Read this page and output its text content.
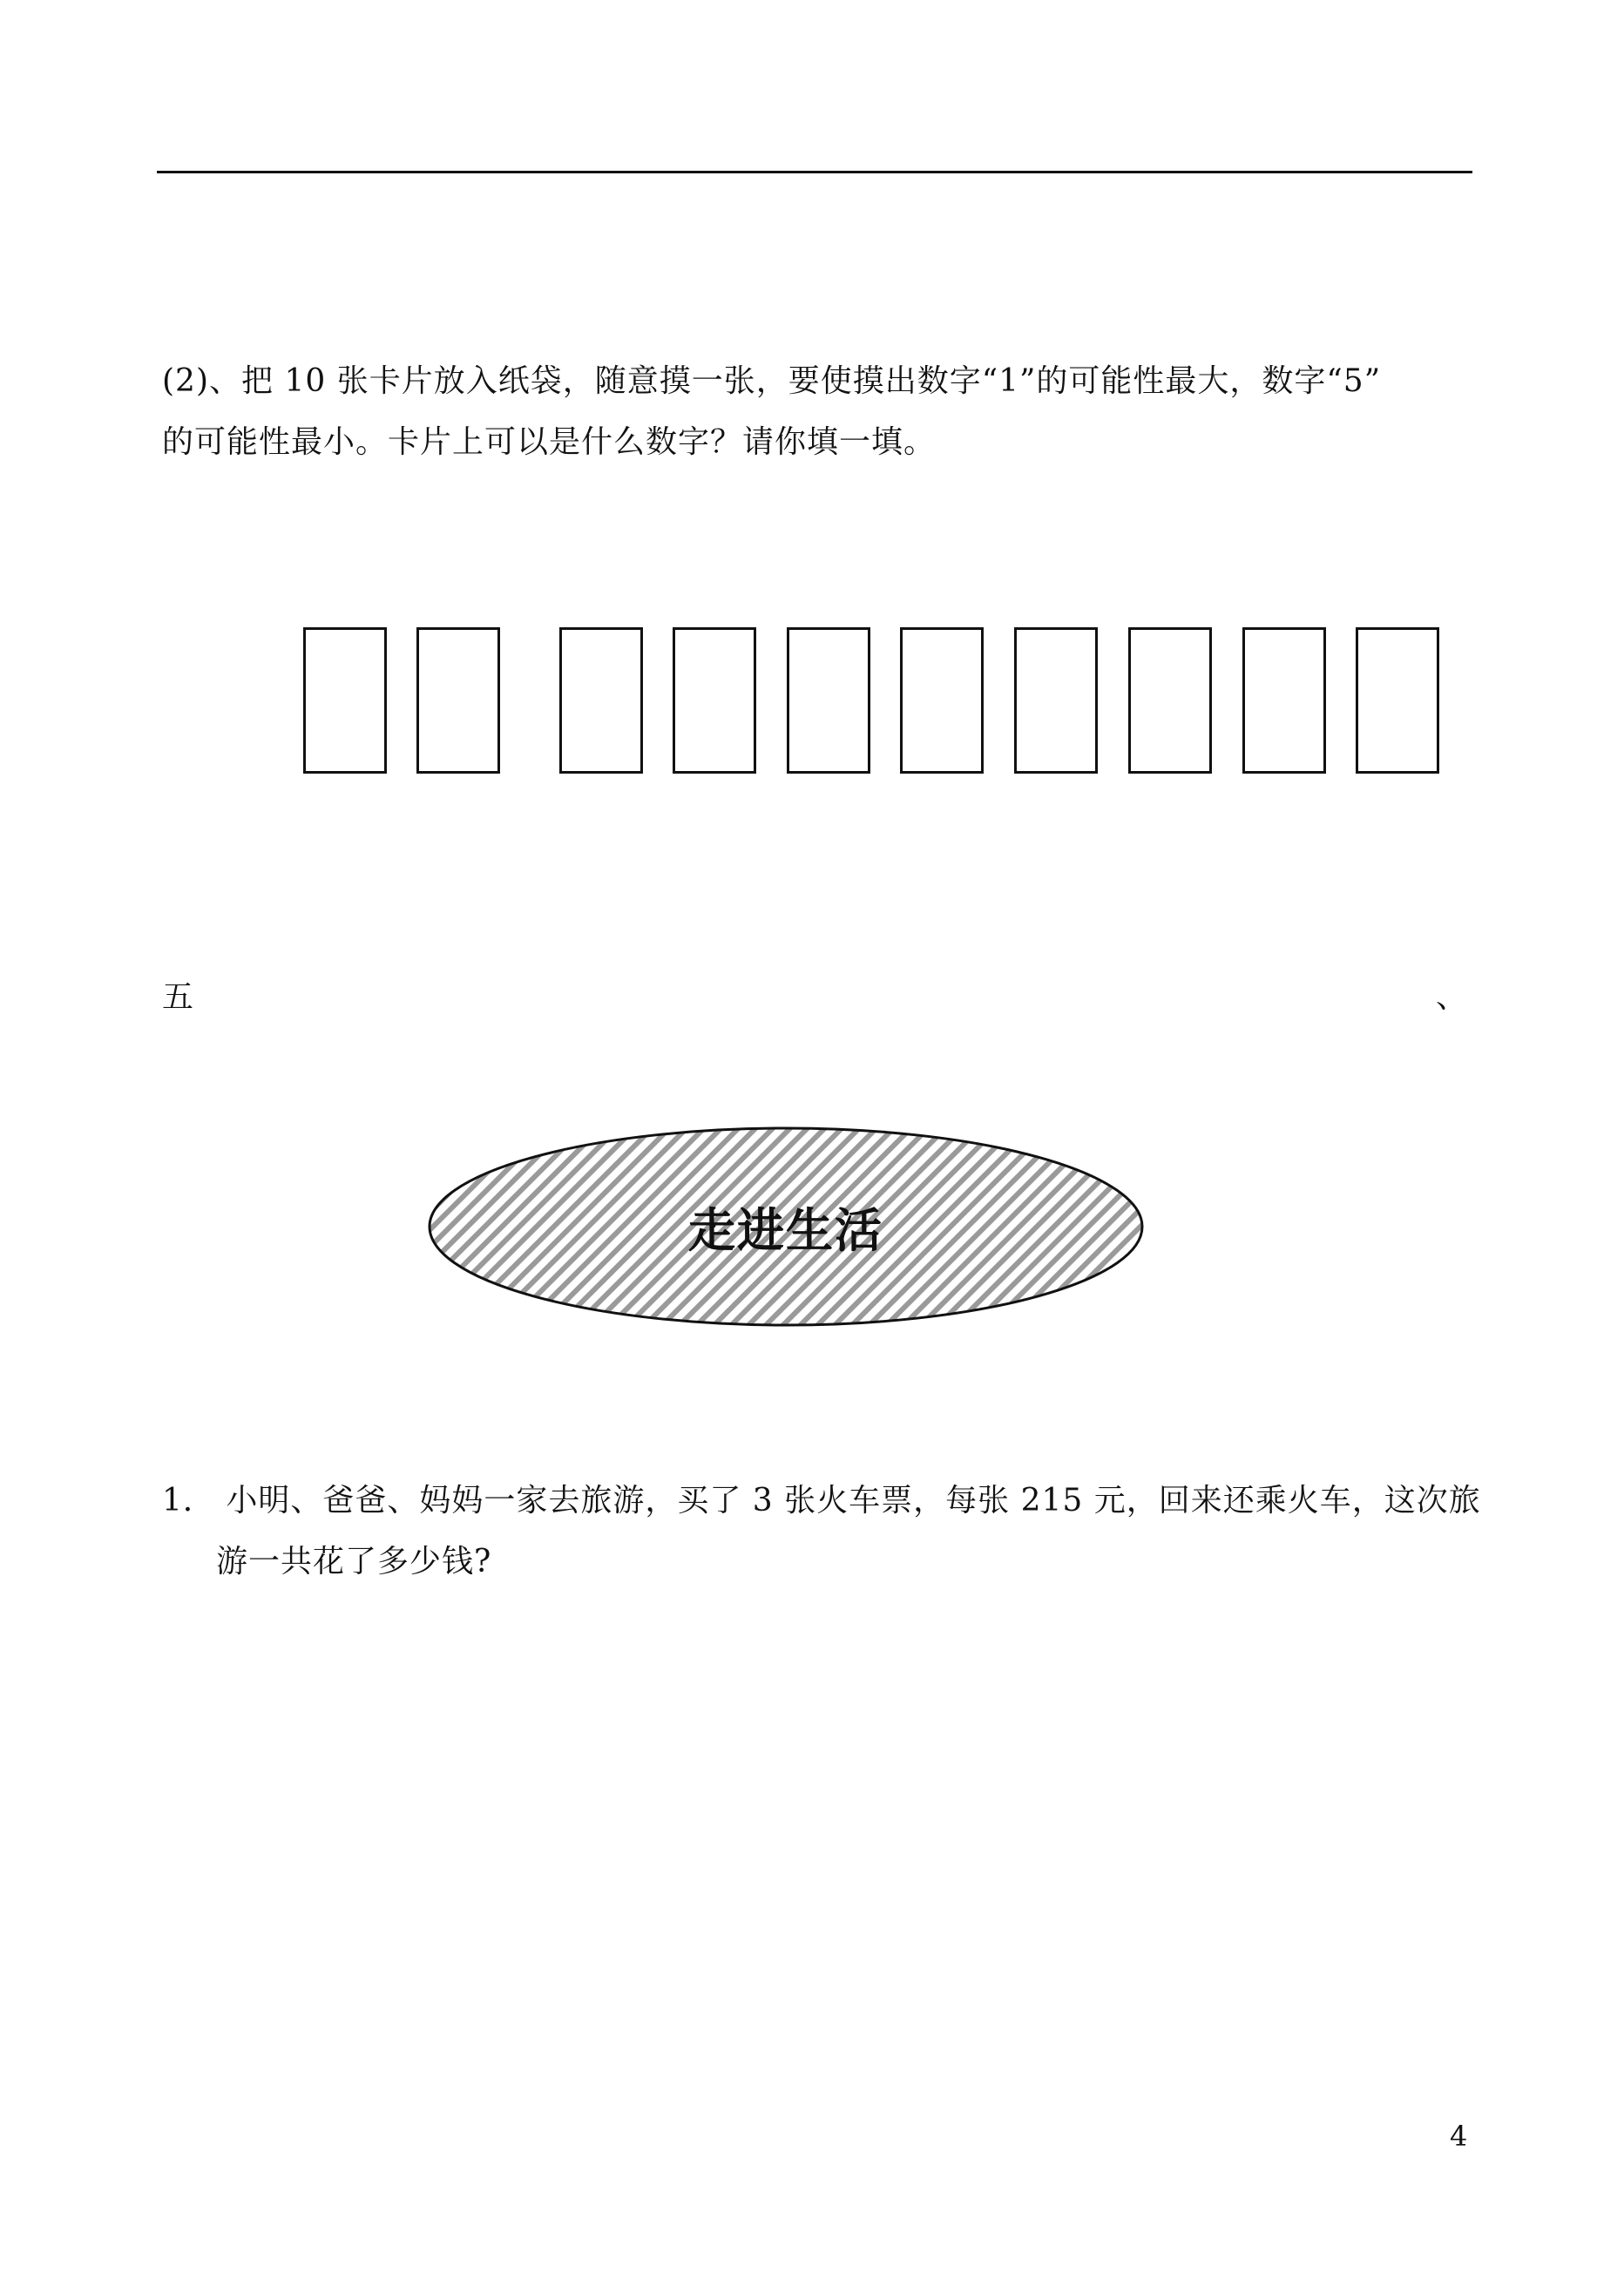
(2)、把 10 张卡片放入纸袋，随意摸一张，要使摸出数字“1”的可能性最大，数字“5”
的可能性最小。卡片上可以是什么数字？请你填一填。
五	、
走进生活
1． 小明、爸爸、妈妈一家去旅游，买了 3 张火车票，每张 215 元，回来还乘火车，这次旅
游一共花了多少钱?
4
